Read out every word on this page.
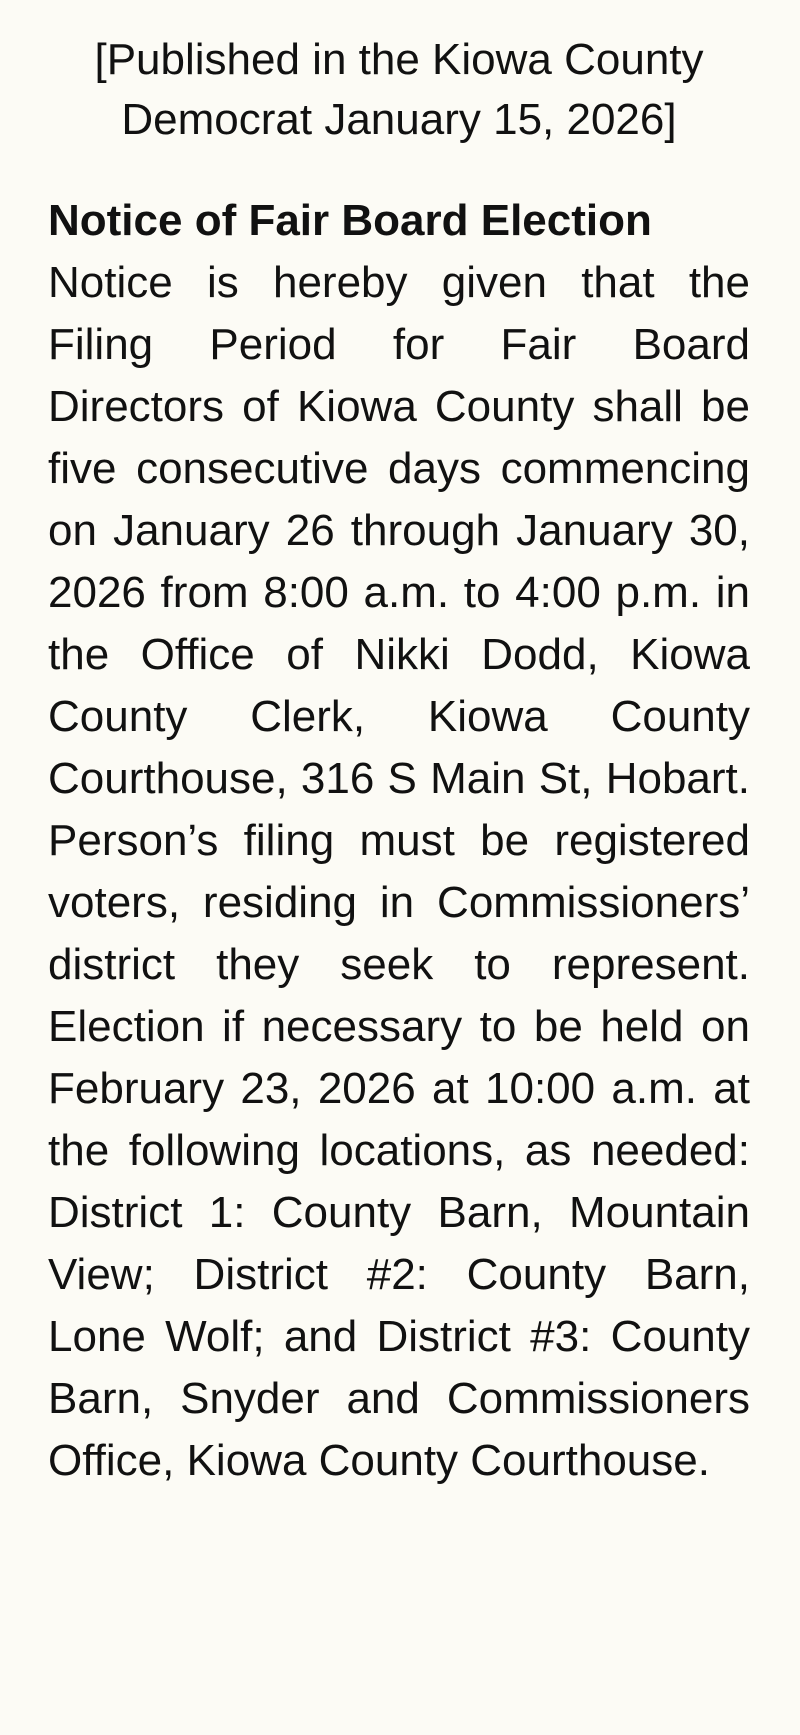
[Published in the Kiowa County
Democrat January 15, 2026]
Notice of Fair Board Election
Notice is hereby given that the Filing Period for Fair Board Directors of Kiowa County shall be five consecutive days commencing on January 26 through January 30, 2026 from 8:00 a.m. to 4:00 p.m. in the Office of Nikki Dodd, Kiowa County Clerk, Kiowa County Courthouse, 316 S Main St, Hobart.  Person’s filing must be registered voters, residing in Commissioners’ district they seek to represent.  Election if necessary to be held on February 23, 2026 at 10:00 a.m. at the following locations, as needed:  District 1: County Barn, Mountain View; District #2: County Barn, Lone Wolf; and District #3: County Barn, Snyder and Commissioners Office, Kiowa County Courthouse.
